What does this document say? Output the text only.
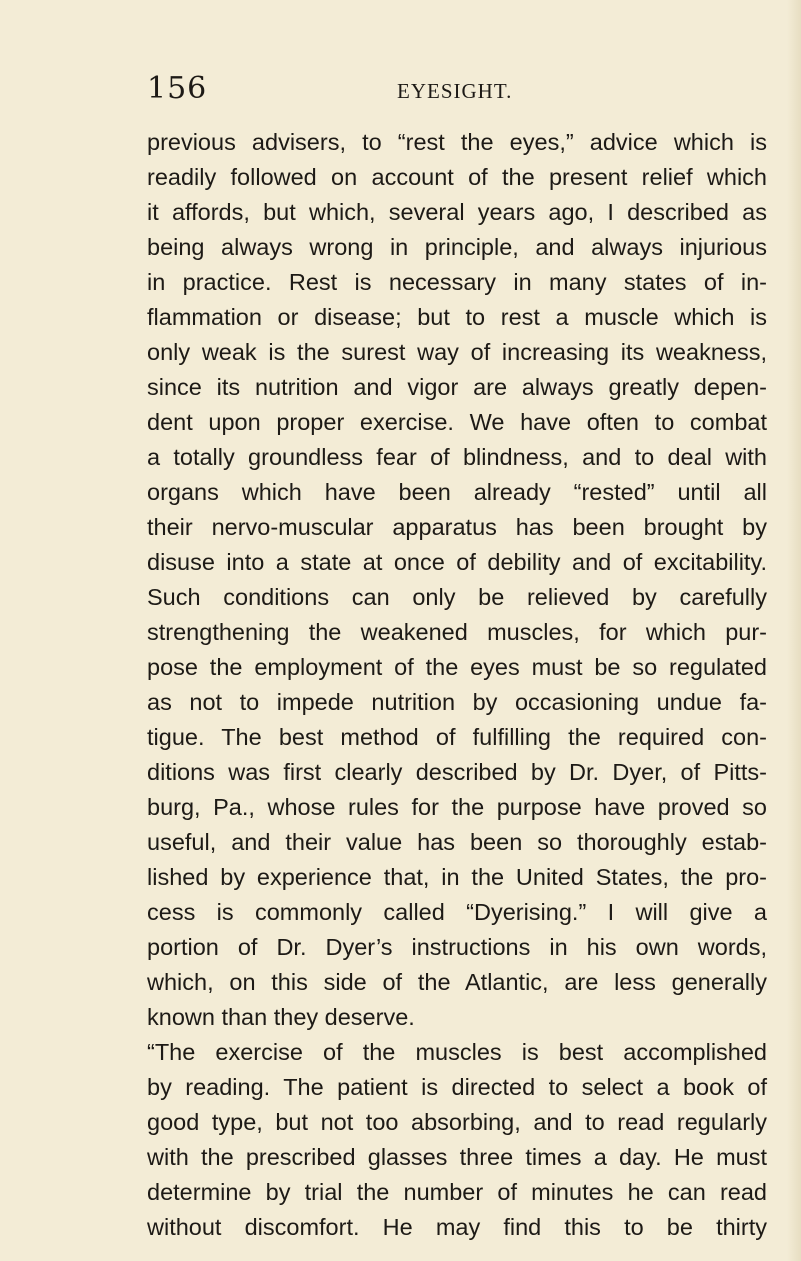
156	EYESIGHT.
previous advisers, to “rest the eyes,” advice which is
readily followed on account of the present relief which
it affords, but which, several years ago, I described as
being always wrong in principle, and always injurious
in practice. Rest is necessary in many states of in-
flammation or disease; but to rest a muscle which is
only weak is the surest way of increasing its weakness,
since its nutrition and vigor are always greatly depen-
dent upon proper exercise. We have often to combat
a totally groundless fear of blindness, and to deal with
organs which have been already “rested” until all
their nervo-muscular apparatus has been brought by
disuse into a state at once of debility and of excitability.
Such conditions can only be relieved by carefully
strengthening the weakened muscles, for which pur-
pose the employment of the eyes must be so regulated
as not to impede nutrition by occasioning undue fa-
tigue. The best method of fulfilling the required con-
ditions was first clearly described by Dr. Dyer, of Pitts-
burg, Pa., whose rules for the purpose have proved so
useful, and their value has been so thoroughly estab-
lished by experience that, in the United States, the pro-
cess is commonly called “Dyerising.” I will give a
portion of Dr. Dyer’s instructions in his own words,
which, on this side of the Atlantic, are less generally
known than they deserve.
“The exercise of the muscles is best accomplished
by reading. The patient is directed to select a book of
good type, but not too absorbing, and to read regularly
with the prescribed glasses three times a day. He must
determine by trial the number of minutes he can read
without discomfort. He may find this to be thirty
